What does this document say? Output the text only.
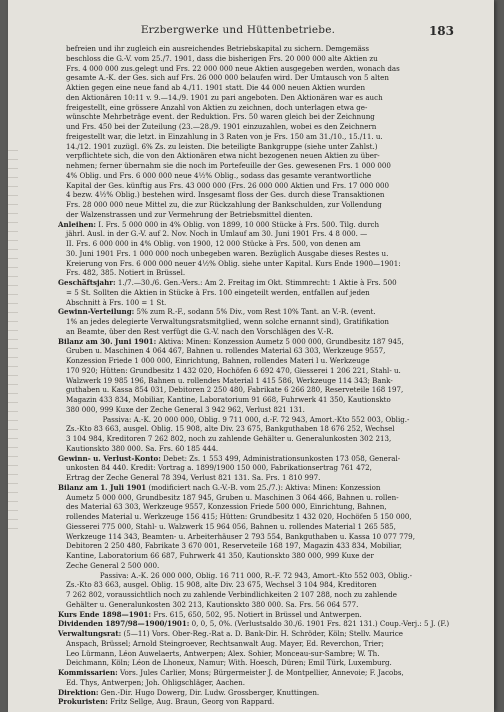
Erzbergwerke und Hüttenbetriebe.	183
befreien und ihr zugleich ein ausreichendes Betriebskapital zu sichern. Demgemäss
beschloss die G.-V. vom 25./7. 1901, dass die bisherigen Frs. 20 000 000 alte Aktien zu
Frs. 4 000 000 zus.gelegt und Frs. 22 000 000 neue Aktien ausgegeben werden, wonach das
gesamte A.-K. der Ges. sich auf Frs. 26 000 000 belaufen wird. Der Umtausch von 5 alten
Aktien gegen eine neue fand ab 4./11. 1901 statt. Die 44 000 neuen Aktien wurden
den Aktionären 10:11 v. 9.—14./9. 1901 zu pari angeboten. Den Aktionären war es auch
freigestellt, eine grössere Anzahl von Aktien zu zeichnen, doch unterlagen etwa ge-
wünschte Mehrbeträge event. der Reduktion. Frs. 50 waren gleich bei der Zeichnung
und Frs. 450 bei der Zuteilung (23.—28./9. 1901 einzuzahlen, wobei es den Zeichnern
freigestellt war, die letzt. in Einzahlung in 3 Raten von je Frs. 150 am 31./10., 15./11. u.
14./12. 1901 zuzügl. 6% Zs. zu leisten. Die beteiligte Bankgruppe (siehe unter Zahlst.)
verpflichtete sich, die von den Aktionären etwa nicht bezogenen neuen Aktien zu über-
nehmen; ferner übernahm sie die noch im Portefeuille der Ges. gewesenen Frs. 1 000 000
4% Oblig. und Frs. 6 000 000 neue 4½% Oblig., sodass das gesamte verantwortliche
Kapital der Ges. künftig aus Frs. 43 000 000 (Frs. 26 000 000 Aktien und Frs. 17 000 000
4 bezw. 4½% Oblig.) bestehen wird. Insgesamt floss der Ges. durch diese Transaktionen
Frs. 28 000 000 neue Mittel zu, die zur Rückzahlung der Bankschulden, zur Vollendung
der Walzenstrassen und zur Vermehrung der Betriebsmittel dienten.
Anleihen: I. Frs. 5 000 000 in 4% Oblig. von 1899, 10 000 Stücke à Frs. 500. Tilg. durch
jährl. Ausl. in der G.-V. auf 2. Nov. Noch in Umlauf am 30. Juni 1901 Frs. 4 8 000. —
II. Frs. 6 000 000 in 4% Oblig. von 1900, 12 000 Stücke à Frs. 500, von denen am
30. Juni 1901 Frs. 1 000 000 noch unbegeben waren. Bezüglich Ausgabe dieses Restes u.
Kreierung von Frs. 6 000 000 neuer 4½% Oblig. siehe unter Kapital. Kurs Ende 1900—1901:
Frs. 482, 385. Notiert in Brüssel.
Geschäftsjahr: 1./7.—30./6. Gen.-Vers.: Am 2. Freitag im Okt. Stimmrecht: 1 Aktie à Frs. 500
= 5 St. Sollten die Aktien in Stücke à Frs. 100 eingeteilt werden, entfallen auf jeden
Abschnitt à Frs. 100 = 1 St.
Gewinn-Verteilung: 5% zum R.-F., sodann 5% Div., vom Rest 10% Tant. an V.-R. (event.
1% an jedes delegierte Verwaltungsratsmitglied, wenn solche ernannt sind), Gratifikation
an Beamte, über den Rest verfügt die G.-V. nach den Vorschlägen des V.-R.
Bilanz am 30. Juni 1901: Aktiva: Minen: Konzession Aumetz 5 000 000, Grundbesitz 187 945,
Gruben u. Maschinen 4 064 467, Bahnen u. rollendes Material 63 303, Werkzeuge 9557,
Konzession Friede 1 000 000, Einrichtung, Bahnen, rollendes Materi l u. Werkzeuge
170 920; Hütten: Grundbesitz 1 432 020, Hochöfen 6 692 470, Giesserei 1 206 221, Stahl- u.
Walzwerk 19 985 196, Bahnen u. rollendes Material 1 415 586, Werkzeuge 114 343; Bank-
guthaben u. Kassa 854 031, Debitoren 2 250 480, Fabrikate 6 266 280, Reserveteile 168 197,
Magazin 433 834, Mobiliar, Kantine, Laboratorium 91 668, Fuhrwerk 41 350, Kautionskto
380 000, 999 Kuxe der Zeche General 3 942 962, Verlust 821 131.
Passiva: A.-K. 20 000 000, Oblig. 9 711 000, d.-F. 72 943, Amort.-Kto 552 003, Oblig.-
Zs.-Kto 83 663, ausgel. Oblig. 15 908, alte Div. 23 675, Bankguthaben 18 676 252, Wechsel
3 104 984, Kreditoren 7 262 802, noch zu zahlende Gehälter u. Generalunkosten 302 213,
Kautionskto 380 000. Sa. Frs. 60 185 444.
Gewinn- u. Verlust-Konto: Debet: Zs. 1 553 499, Administrationsunkosten 173 058, General-
unkosten 84 440. Kredit: Vortrag a. 1899/1900 150 000, Fabrikationsertrag 761 472,
Ertrag der Zeche General 78 394, Verlust 821 131. Sa. Frs. 1 810 997.
Bilanz am 1. Juli 1901 (modificiert nach G.-V.-B. vom 25./7.): Aktiva: Minen: Konzession
Aumetz 5 000 000, Grundbesitz 187 945, Gruben u. Maschinen 3 064 466, Bahnen u. rollen-
des Material 63 303, Werkzeuge 9557, Konzession Friede 500 000, Einrichtung, Bahnen,
rollendes Material u. Werkzeuge 156 415; Hütten: Grundbesitz 1 432 020, Hochöfen 5 150 000,
Giesserei 775 000, Stahl- u. Walzwerk 15 964 056, Bahnen u. rollendes Material 1 265 585,
Werkzeuge 114 343, Beamten- u. Arbeiterhäuser 2 793 554, Bankguthaben u. Kassa 10 077 779,
Debitoren 2 250 480, Fabrikate 3 670 001, Reserveteile 168 197, Magazin 433 834, Mobiliar,
Kantine, Laboratorium 66 687, Fuhrwerk 41 350, Kautionskto 380 000, 999 Kuxe der
Zeche General 2 500 000.
Passiva: A.-K. 26 000 000, Oblig. 16 711 000, R.-F. 72 943, Amort.-Kto 552 003, Oblig.-
Zs.-Kto 83 663, ausgel. Oblig. 15 908, alte Div. 23 675, Wechsel 3 104 984, Kreditoren
7 262 802, voraussichtlich noch zu zahlende Verbindlichkeiten 2 107 288, noch zu zahlende
Gehälter u. Generalunkosten 302 213, Kautionskto 380 000. Sa. Frs. 56 064 577.
Kurs Ende 1898—1901: Frs. 615, 650, 502, 95. Notiert in Brüssel und Antwerpen.
Dividenden 1897/98—1900/1901: 0, 0, 5, 0%. (Verlustsaldo 30./6. 1901 Frs. 821 131.) Coup.-Verj.: 5 J. (F.)
Verwaltungsrat: (5—11) Vors. Ober-Reg.-Rat a. D. Bank-Dir. H. Schröder, Köln; Stellv. Maurice
Anspach, Brüssel; Arnold Steingroever, Rechtsanwalt Aug. Mayer, Ed. Reverchon, Trier;
Leo Lürmann, Léon Auwelaerts, Antwerpen; Alex. Sohier, Monceau-sur-Sambre; W. Th.
Deichmann, Köln; Léon de Lhoneux, Namur; With. Hoesch, Düren; Emil Türk, Luxemburg.
Kommissarien: Vors. Jules Carlier, Mons; Bürgermeister J. de Montpellier, Annevoie; F. Jacobs,
Ed. Thys, Antwerpen; Joh. Ohligschläger, Aachen.
Direktion: Gen.-Dir. Hugo Dowerg, Dir. Ludw. Grossberger, Knuttingen.
Prokuristen: Fritz Sellge, Aug. Braun, Georg von Rappard.
